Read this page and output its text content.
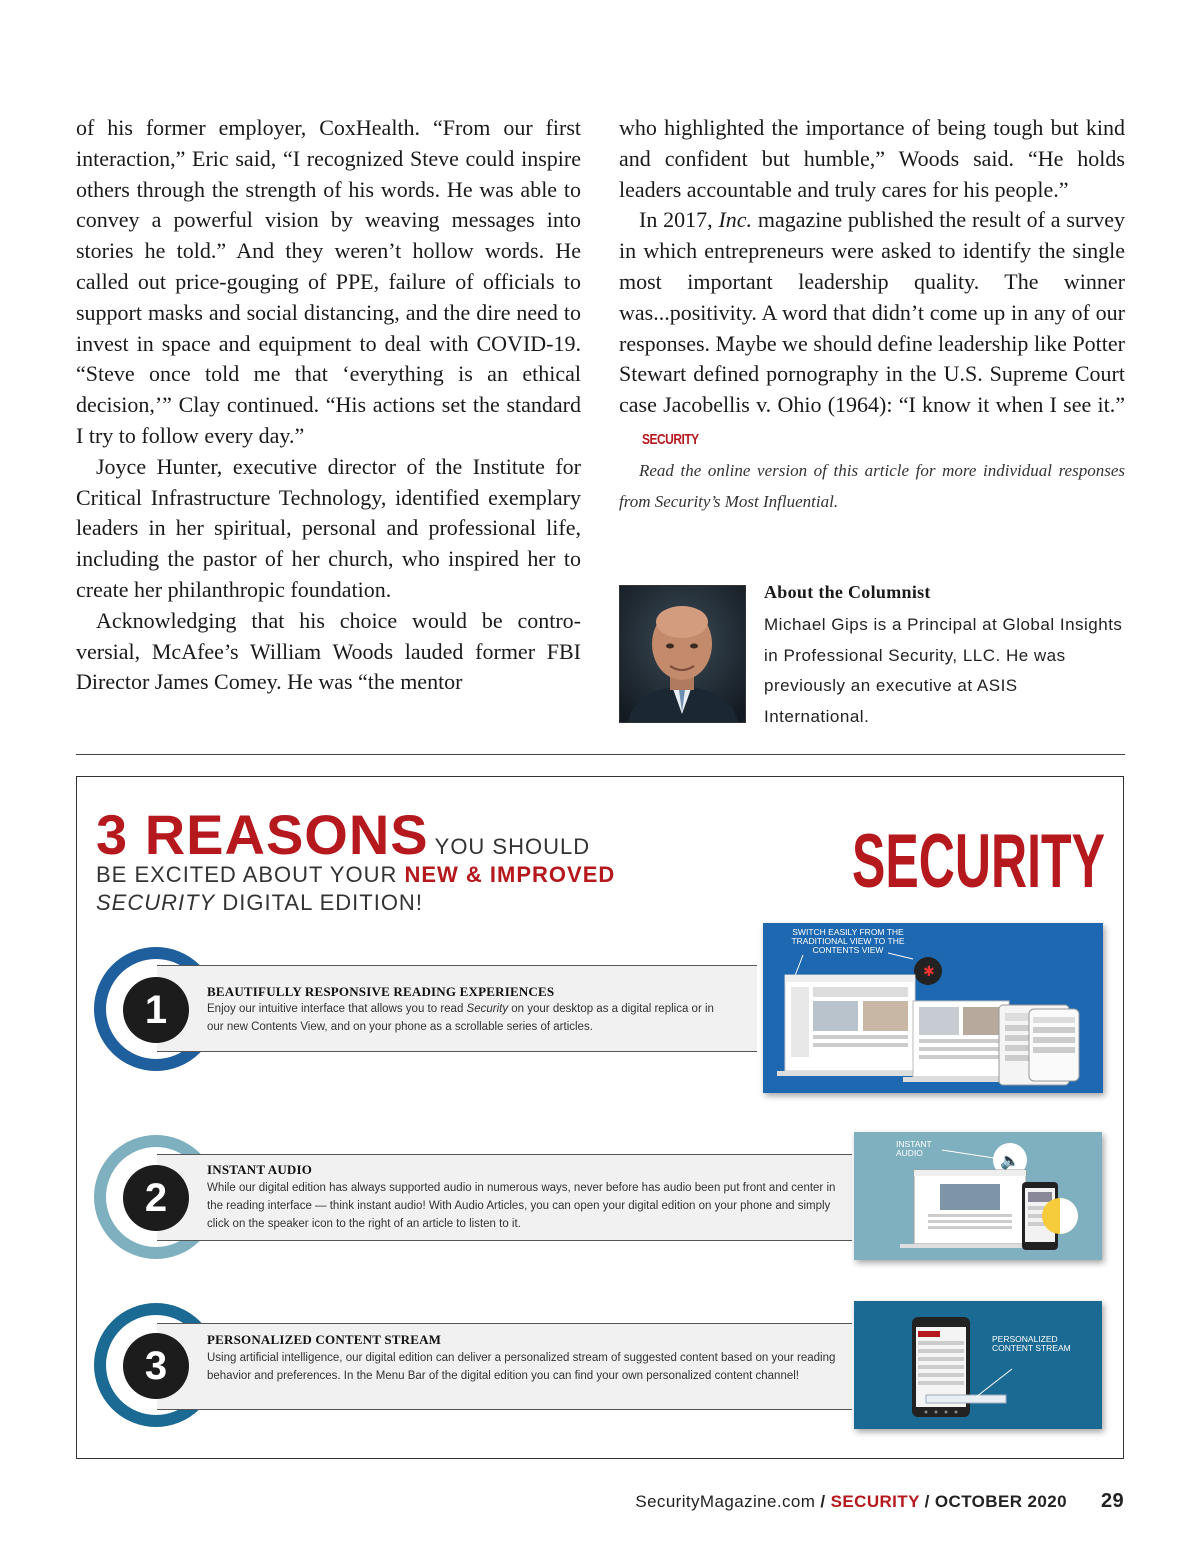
of his former employer, CoxHealth. “From our first interaction,” Eric said, “I recognized Steve could inspire others through the strength of his words. He was able to convey a powerful vision by weaving messages into stories he told.” And they weren’t hollow words. He called out price-gouging of PPE, failure of officials to support masks and social distancing, and the dire need to invest in space and equipment to deal with COVID-19. “Steve once told me that ‘everything is an ethical decision,’” Clay continued. “His actions set the standard I try to follow every day.”

Joyce Hunter, executive director of the Institute for Critical Infrastructure Technology, identified exemplary leaders in her spiritual, personal and professional life, including the pastor of her church, who inspired her to create her philanthropic foundation.

Acknowledging that his choice would be controversial, McAfee’s William Woods lauded former FBI Director James Comey. He was “the mentor

who highlighted the importance of being tough but kind and confident but humble,” Woods said. “He holds leaders accountable and truly cares for his people.”

In 2017, Inc. magazine published the result of a survey in which entrepreneurs were asked to identify the single most important leadership quality. The winner was...positivity. A word that didn’t come up in any of our responses. Maybe we should define leadership like Potter Stewart defined pornography in the U.S. Supreme Court case Jacobellis v. Ohio (1964): “I know it when I see it.”SECURITY

Read the online version of this article for more individual responses from Security’s Most Influential.

About the Columnist

Michael Gips is a Principal at Global Insights in Professional Security, LLC. He was previously an executive at ASIS International.

3 REASONS YOU SHOULD
BE EXCITED ABOUT YOUR NEW & IMPROVED
SECURITY DIGITAL EDITION!	SECURITY
1	BEAUTIFULLY RESPONSIVE READING EXPERIENCES
Enjoy our intuitive interface that allows you to read Security on your desktop as a digital replica or in our new Contents View, and on your phone as a scrollable series of articles.
SWITCH EASILY FROM THE TRADITIONAL VIEW TO THE CONTENTS VIEW
✱
2
INSTANT AUDIO
While our digital edition has always supported audio in numerous ways, never before has audio been put front and center in the reading interface — think instant audio! With Audio Articles, you can open your digital edition on your phone and simply click on the speaker icon to the right of an article to listen to it.
INSTANT AUDIO	🔈
3
PERSONALIZED CONTENT STREAM
Using artificial intelligence, our digital edition can deliver a personalized stream of suggested content based on your reading behavior and preferences. In the Menu Bar of the digital edition you can find your own personalized content channel!
PERSONALIZED CONTENT STREAM
SecurityMagazine.com / SECURITY / OCTOBER 2020 29
